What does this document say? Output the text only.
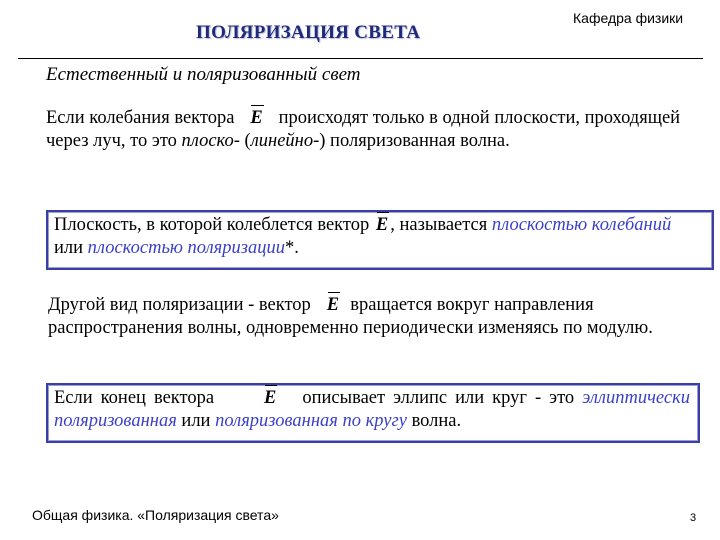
ПОЛЯРИЗАЦИЯ СВЕТА
Кафедра физики
Естественный и поляризованный свет
Если колебания вектора E   происходят только в одной плоскости, проходящей через луч, то это плоско- (линейно-) поляризованная волна.
Плоскость, в которой колеблется вектор E , называется плоскостью колебаний или плоскостью поляризации*.
Другой вид поляризации - вектор   E  вращается вокруг направления распространения волны, одновременно периодически изменяясь по модулю.
Если конец вектора      E   описывает эллипс или круг - это эллиптически поляризованная или поляризованная по кругу волна.
Общая физика. «Поляризация света»	3
